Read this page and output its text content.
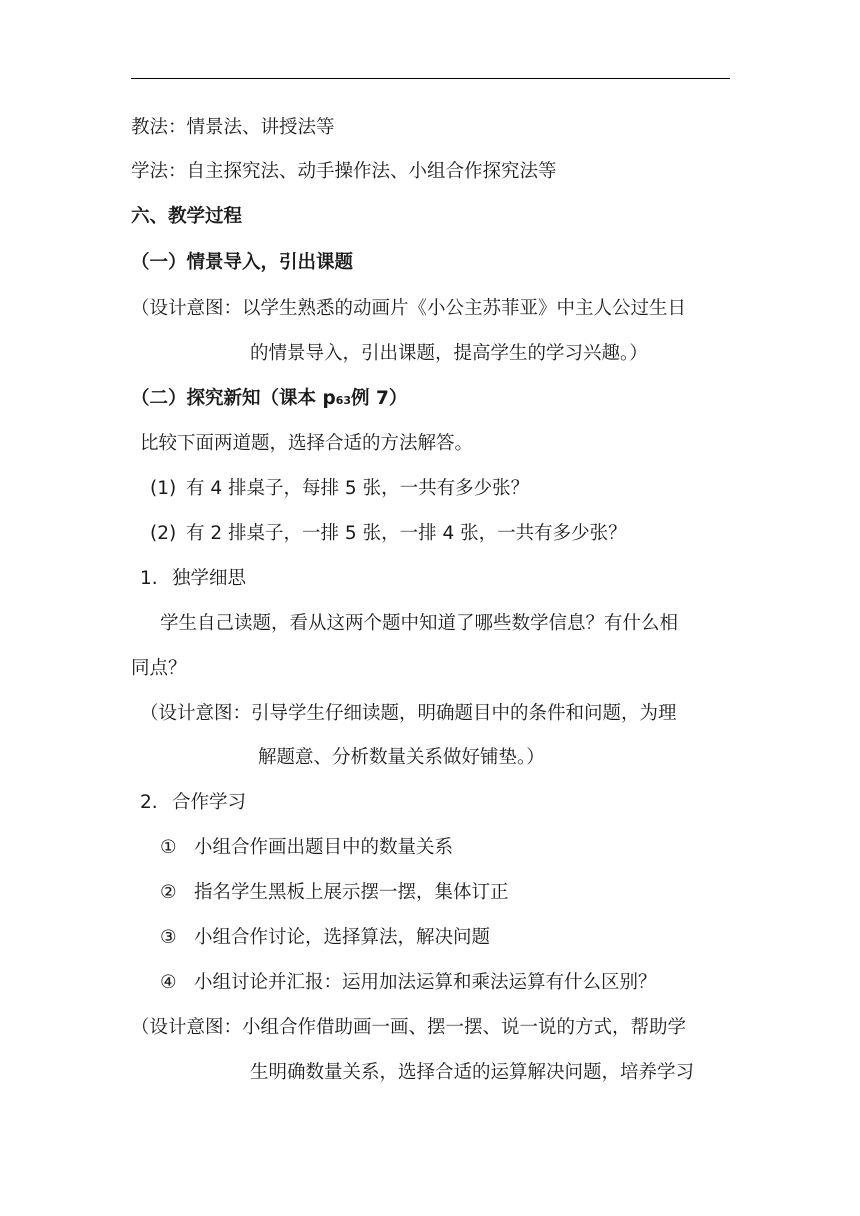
教法：情景法、讲授法等
学法：自主探究法、动手操作法、小组合作探究法等
六、教学过程
（一）情景导入，引出课题
（设计意图：以学生熟悉的动画片《小公主苏菲亚》中主人公过生日
的情景导入，引出课题，提高学生的学习兴趣。）
（二）探究新知（课本 p63例 7）
比较下面两道题，选择合适的方法解答。
(1) 有 4 排桌子，每排 5 张，一共有多少张？
(2) 有 2 排桌子，一排 5 张，一排 4 张，一共有多少张？
1. 独学细思
学生自己读题，看从这两个题中知道了哪些数学信息？有什么相
同点？
（设计意图：引导学生仔细读题，明确题目中的条件和问题，为理
解题意、分析数量关系做好铺垫。）
2. 合作学习
① 小组合作画出题目中的数量关系
② 指名学生黑板上展示摆一摆，集体订正
③ 小组合作讨论，选择算法，解决问题
④ 小组讨论并汇报：运用加法运算和乘法运算有什么区别？
（设计意图：小组合作借助画一画、摆一摆、说一说的方式，帮助学
生明确数量关系，选择合适的运算解决问题，培养学习
